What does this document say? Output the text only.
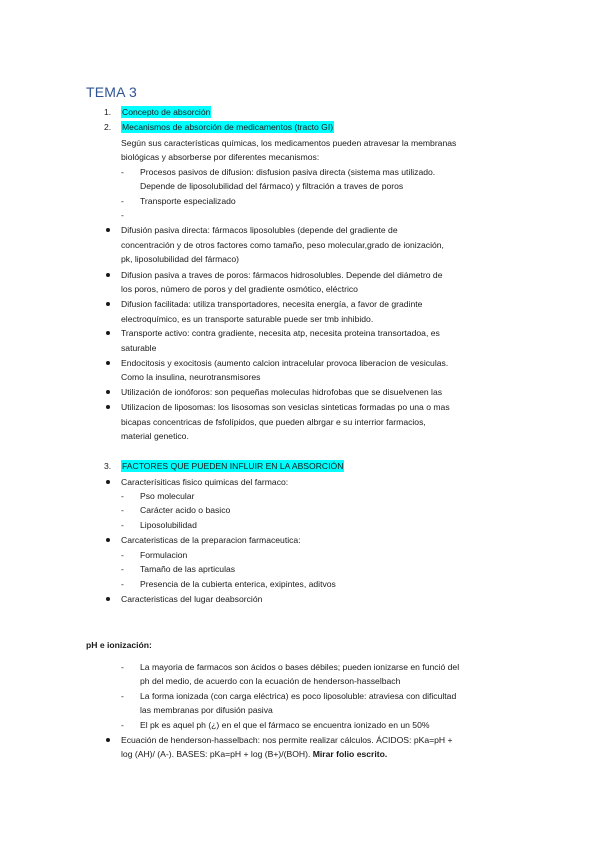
TEMA 3
1. Concepto de absorción
2. Mecanismos de absorción de medicamentos (tracto GI)
Según sus características químicas, los medicamentos pueden atravesar la membranas
biológicas y absorberse por diferentes mecanismos:
- Procesos pasivos de difusion: disfusion pasiva directa (sistema mas utilizado.
Depende de liposolubilidad del fármaco) y filtración a traves de poros
- Transporte especializado
-
Difusión pasiva directa: fármacos liposolubles (depende del gradiente de
concentración y de otros factores como tamaño, peso molecular,grado de ionización,
pk, liposolubilidad del fármaco)
Difusion pasiva a traves de poros: fármacos hidrosolubles. Depende del diámetro de
los poros, número de poros y del gradiente osmótico, eléctrico
Difusion facilitada: utiliza transportadores, necesita energía, a favor de gradinte
electroquímico, es un transporte saturable puede ser tmb inhibido.
Transporte activo: contra gradiente, necesita atp, necesita proteina transortadoa, es
saturable
Endocitosis y exocitosis (aumento calcion intracelular provoca liberacion de vesiculas.
Como la insulina, neurotransmisores
Utilización de ionóforos: son pequeñas moleculas hidrofobas que se disuelvenen las
Utilizacion de liposomas: los lisosomas son vesiclas sinteticas formadas po una o mas
bicapas concentricas de fsfolípidos, que pueden albrgar e su interrior farmacios,
material genetico.
3. FACTORES QUE PUEDEN INFLUIR EN LA ABSORCIÓN
Caracterísiticas fisico quimicas del farmaco:
- Pso molecular
- Carácter acido o basico
- Liposolubilidad
Carcateristicas de la preparacion farmaceutica:
- Formulacion
- Tamaño de las aprticulas
- Presencia de la cubierta enterica, exipintes, aditvos
Caracteristicas del lugar deabsorción
pH e ionización:
- La mayoria de farmacos son ácidos o bases débiles; pueden ionizarse en funció del
ph del medio, de acuerdo con la ecuación de henderson-hasselbach
- La forma ionizada (con carga eléctrica) es poco liposoluble: atraviesa con dificultad
las membranas por difusión pasiva
- El pk es aquel ph (¿) en el que el fármaco se encuentra ionizado en un 50%
Ecuación de henderson-hasselbach: nos permite realizar cálculos. ÁCIDOS: pKa=pH +
log (AH)/ (A-). BASES: pKa=pH + log (B+)/(BOH). Mirar folio escrito.
